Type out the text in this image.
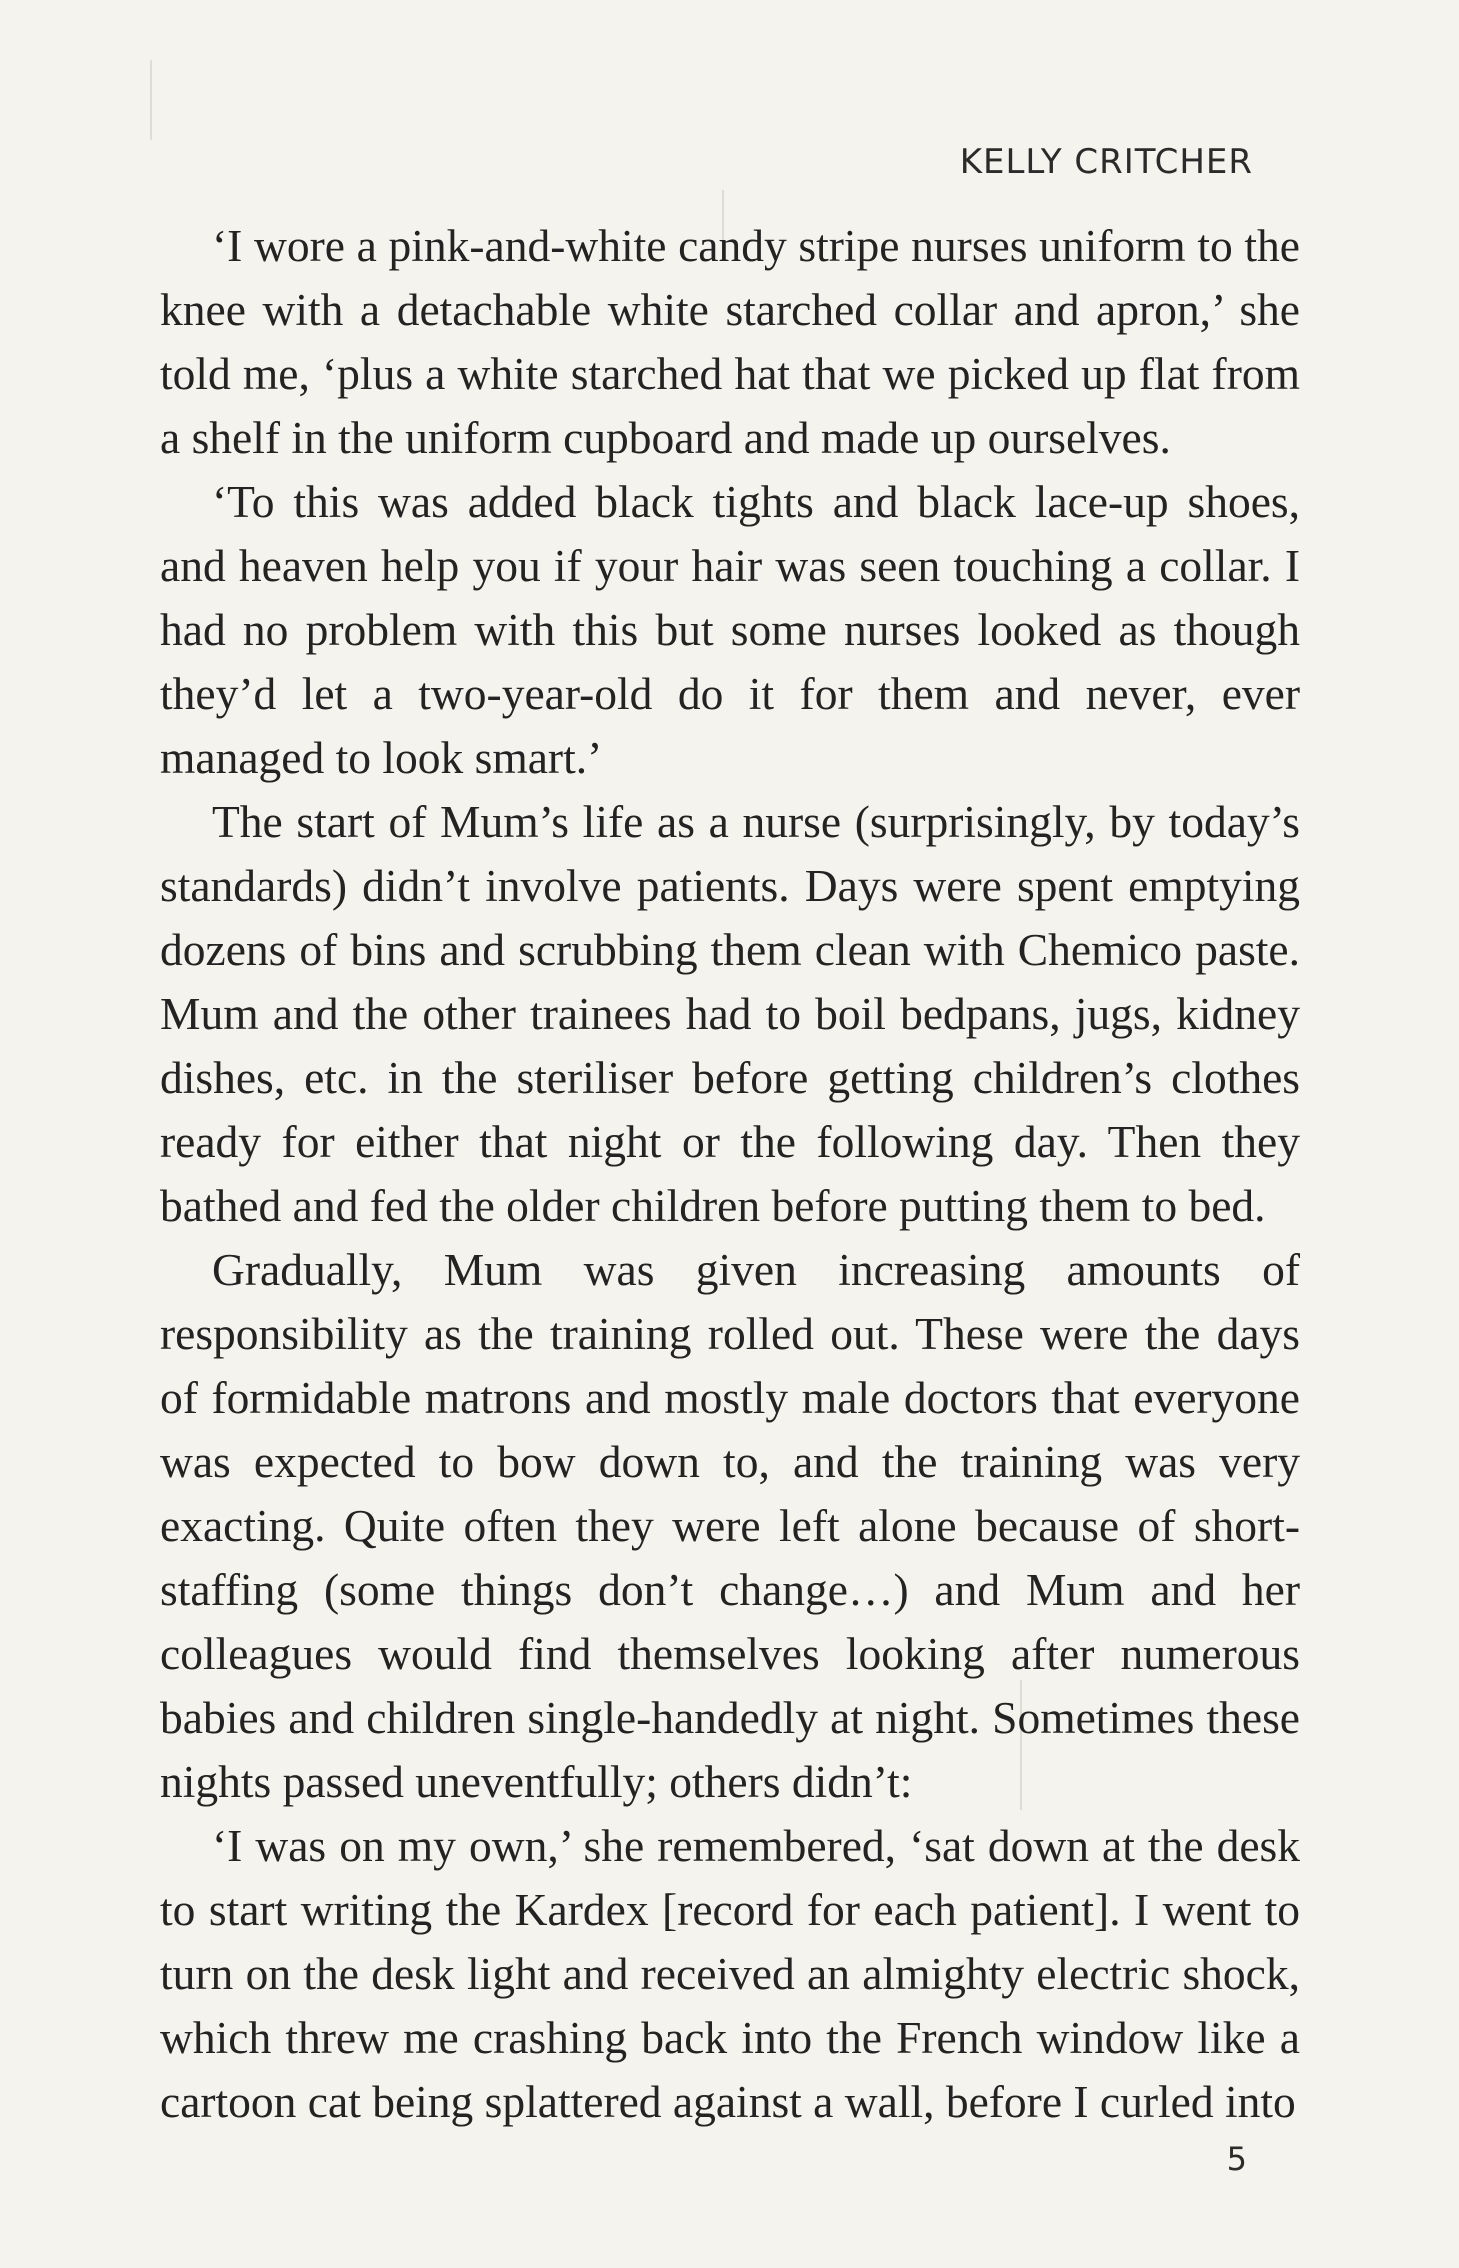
KELLY CRITCHER

‘I wore a pink-and-white candy stripe nurses uniform to the knee with a detachable white starched collar and apron,’ she told me, ‘plus a white starched hat that we picked up flat from a shelf in the uniform cupboard and made up ourselves.

‘To this was added black tights and black lace-up shoes, and heaven help you if your hair was seen touching a collar. I had no problem with this but some nurses looked as though they’d let a two-year-old do it for them and never, ever managed to look smart.’

The start of Mum’s life as a nurse (surprisingly, by today’s standards) didn’t involve patients. Days were spent emptying dozens of bins and scrubbing them clean with Chemico paste. Mum and the other trainees had to boil bedpans, jugs, kidney dishes, etc. in the steriliser before getting children’s clothes ready for either that night or the following day. Then they bathed and fed the older children before putting them to bed.

Gradually, Mum was given increasing amounts of responsibility as the training rolled out. These were the days of formidable matrons and mostly male doctors that everyone was expected to bow down to, and the training was very exacting. Quite often they were left alone because of short-staffing (some things don’t change…) and Mum and her colleagues would find themselves looking after numerous babies and children single-handedly at night. Sometimes these nights passed uneventfully; others didn’t:

‘I was on my own,’ she remembered, ‘sat down at the desk to start writing the Kardex [record for each patient]. I went to turn on the desk light and received an almighty electric shock, which threw me crashing back into the French window like a cartoon cat being splattered against a wall, before I curled into

5
